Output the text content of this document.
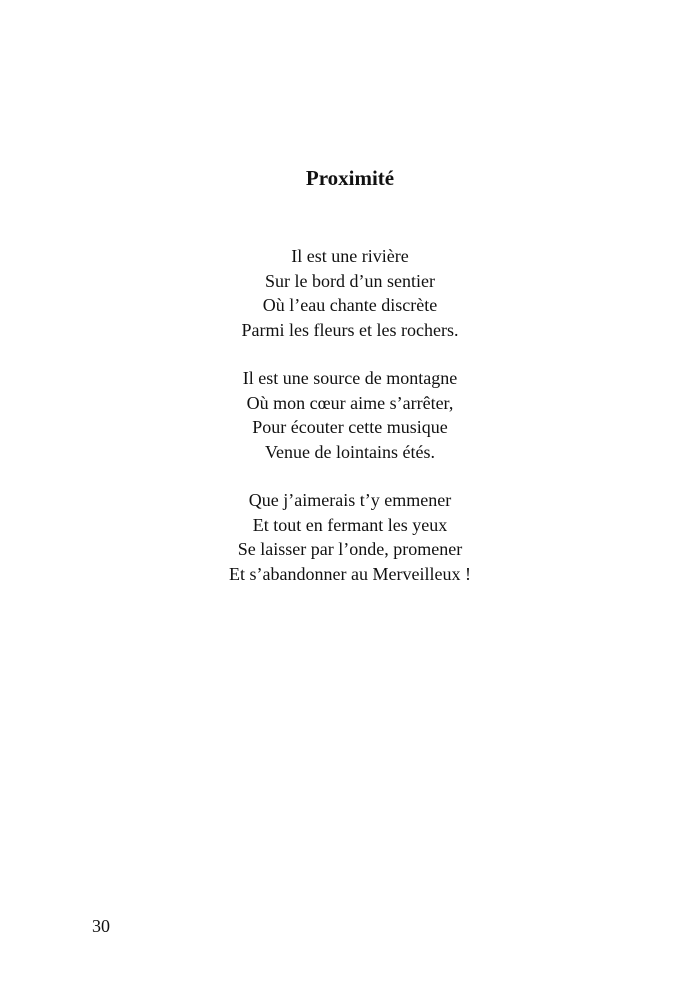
Proximité
Il est une rivière
Sur le bord d’un sentier
Où l’eau chante discrète
Parmi les fleurs et les rochers.
Il est une source de montagne
Où mon cœur aime s’arrêter,
Pour écouter cette musique
Venue de lointains étés.
Que j’aimerais t’y emmener
Et tout en fermant les yeux
Se laisser par l’onde, promener
Et s’abandonner au Merveilleux !
30
